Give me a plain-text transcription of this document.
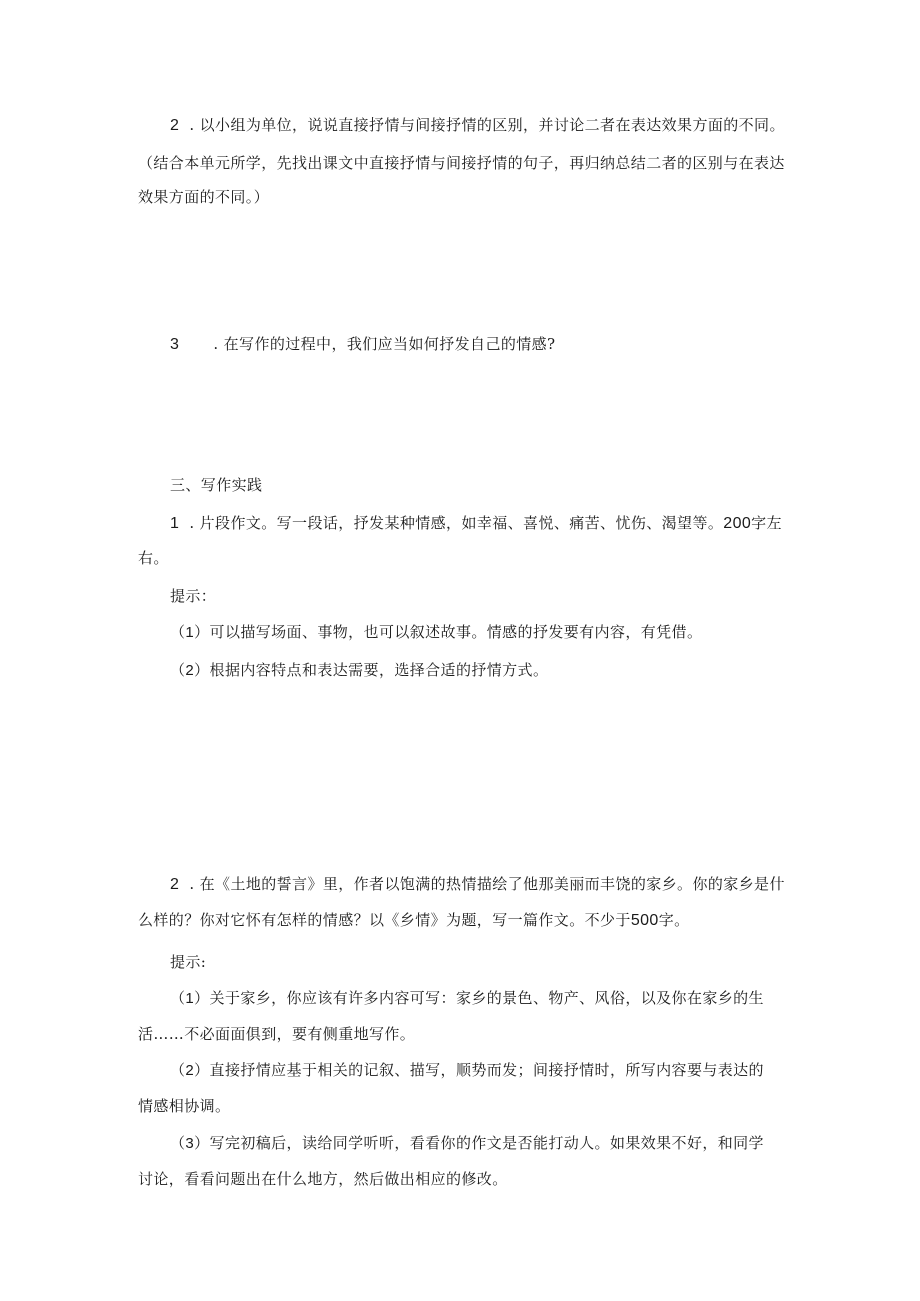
2 . 以小组为单位，说说直接抒情与间接抒情的区别，并讨论二者在表达效果方面的不同。
（结合本单元所学，先找出课文中直接抒情与间接抒情的句子，再归纳总结二者的区别与在表达
效果方面的不同。）
3 . 在写作的过程中，我们应当如何抒发自己的情感?
三、写作实践
1 . 片段作文。写一段话，抒发某种情感，如幸福、喜悦、痛苦、忧伤、渴望等。200字左
右。
提示：
（1）可以描写场面、事物，也可以叙述故事。情感的抒发要有内容，有凭借。
（2）根据内容特点和表达需要，选择合适的抒情方式。
2 . 在《土地的誓言》里，作者以饱满的热情描绘了他那美丽而丰饶的家乡。你的家乡是什
么样的？你对它怀有怎样的情感？以《乡情》为题，写一篇作文。不少于500字。
提示:
（1）关于家乡，你应该有许多内容可写：家乡的景色、物产、风俗，以及你在家乡的生
活……不必面面俱到，要有侧重地写作。
（2）直接抒情应基于相关的记叙、描写，顺势而发；间接抒情时，所写内容要与表达的
情感相协调。
（3）写完初稿后，读给同学听听，看看你的作文是否能打动人。如果效果不好，和同学
讨论，看看问题出在什么地方，然后做出相应的修改。
